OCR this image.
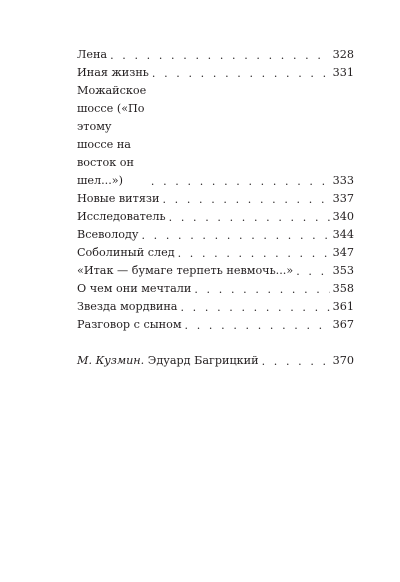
Лена . . .	328
Иная жизнь . . .	331
Можайское шоссе («По этому шоссе на восток он шел...») . . .	333
Новые витязи . . .	337
Исследователь . . .	340
Всеволоду . . .	344
Соболиный след . . .	347
«Итак — бумаге терпеть невмочь...» . . .	353
О чем они мечтали . . .	358
Звезда мордвина . . .	361
Разговор с сыном . . .	367
М. Кузмин. Эдуард Багрицкий . . .	370
